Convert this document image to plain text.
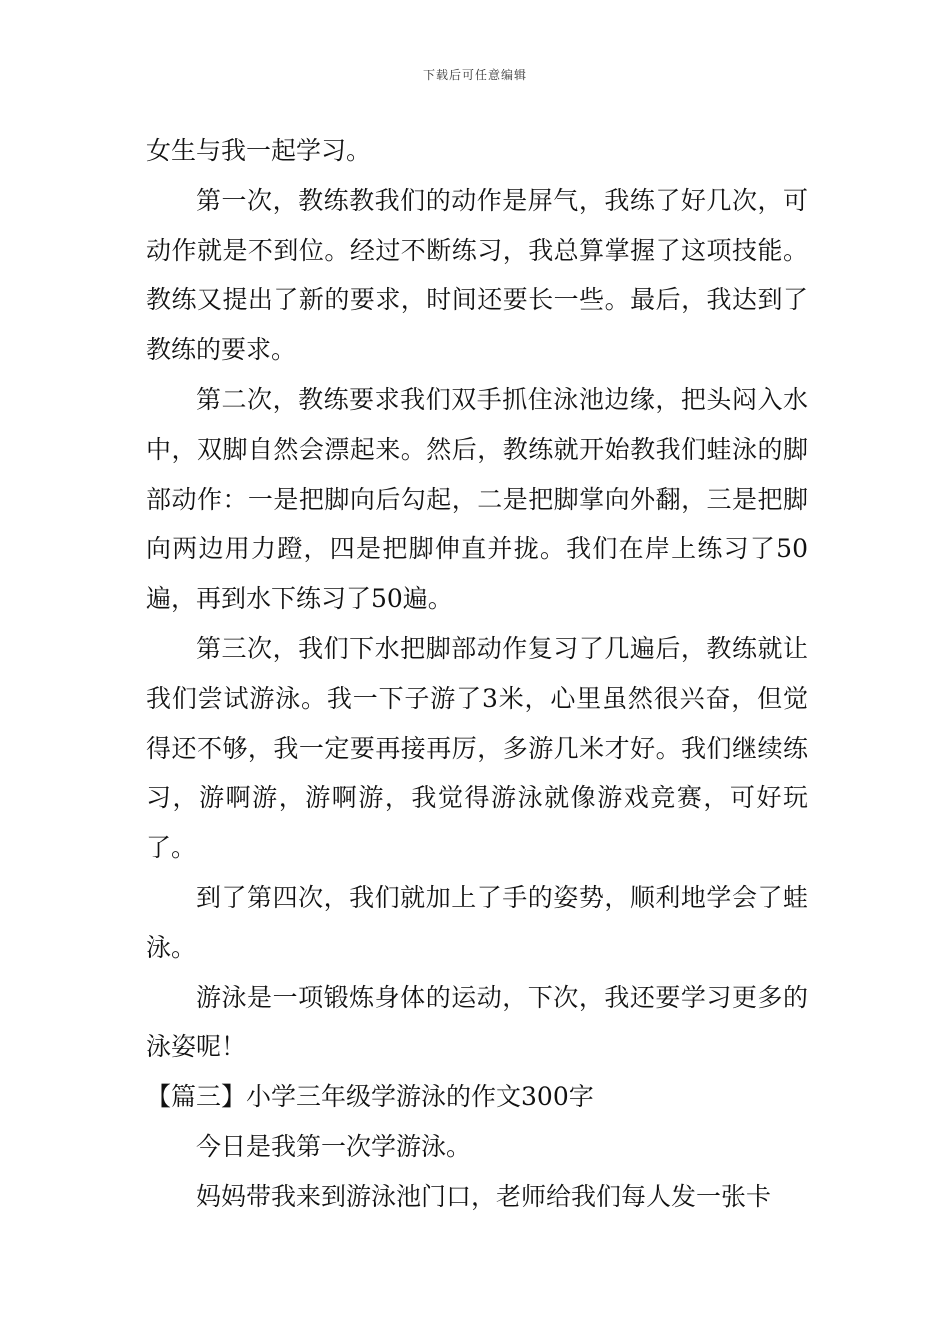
下载后可任意编辑

女生与我一起学习。

第一次，教练教我们的动作是屏气，我练了好几次，可动作就是不到位。经过不断练习，我总算掌握了这项技能。教练又提出了新的要求，时间还要长一些。最后，我达到了教练的要求。

第二次，教练要求我们双手抓住泳池边缘，把头闷入水中，双脚自然会漂起来。然后，教练就开始教我们蛙泳的脚部动作：一是把脚向后勾起，二是把脚掌向外翻，三是把脚向两边用力蹬，四是把脚伸直并拢。我们在岸上练习了50遍，再到水下练习了50遍。

第三次，我们下水把脚部动作复习了几遍后，教练就让我们尝试游泳。我一下子游了3米，心里虽然很兴奋，但觉得还不够，我一定要再接再厉，多游几米才好。我们继续练习，游啊游，游啊游，我觉得游泳就像游戏竞赛，可好玩了。

到了第四次，我们就加上了手的姿势，顺利地学会了蛙泳。

游泳是一项锻炼身体的运动，下次，我还要学习更多的泳姿呢！

【篇三】小学三年级学游泳的作文300字

今日是我第一次学游泳。

妈妈带我来到游泳池门口，老师给我们每人发一张卡
